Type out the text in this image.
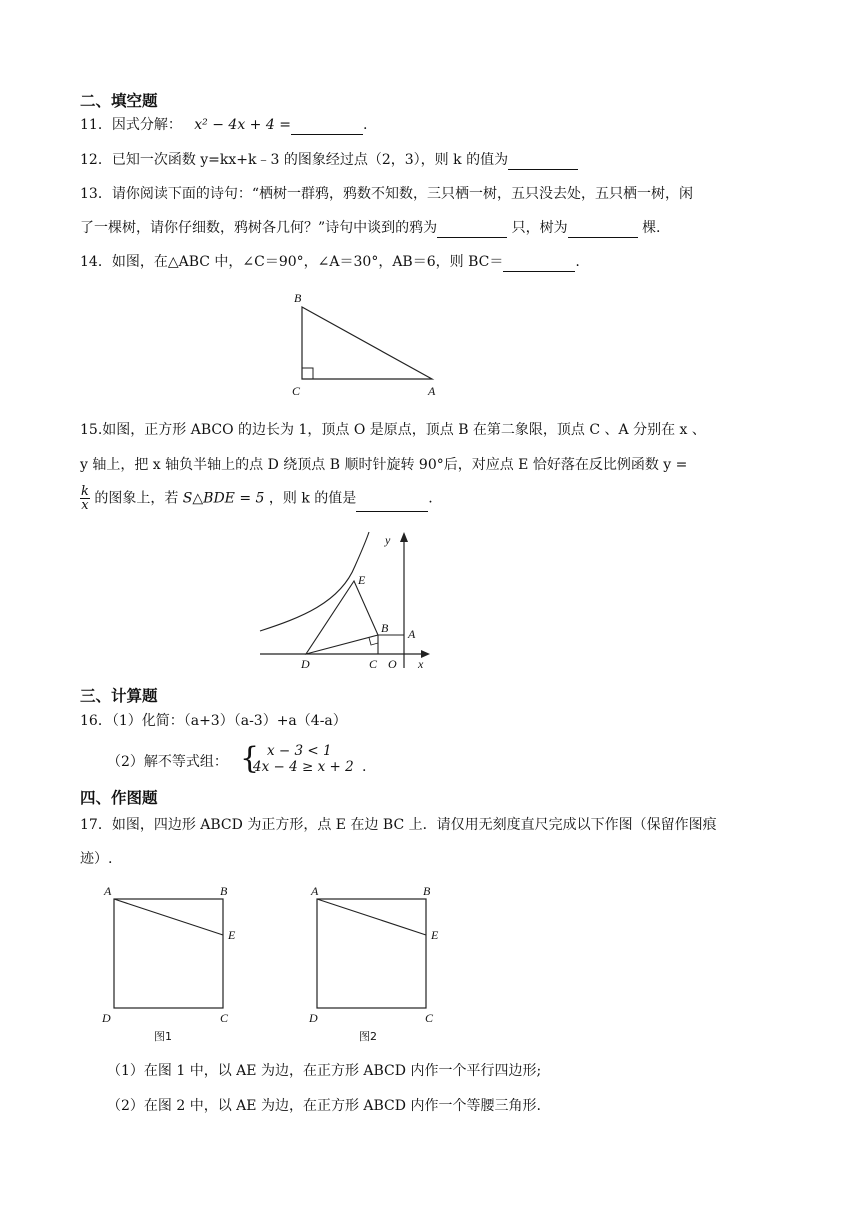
二、填空题
11．因式分解： x² − 4x + 4 =	.
12．已知一次函数 y=kx+k﹣3 的图象经过点（2，3），则 k 的值为
13．请你阅读下面的诗句：“栖树一群鸦，鸦数不知数，三只栖一树，五只没去处，五只栖一树，闲
了一棵树，请你仔细数，鸦树各几何？”诗句中谈到的鸦为	只，树为	棵.
14．如图，在△ABC 中，∠C＝90°，∠A＝30°，AB＝6，则 BC＝	.
B
C	A
15.如图，正方形 ABCO 的边长为 1，顶点 O 是原点，顶点 B 在第二象限，顶点 C 、A 分别在 x 、
y 轴上，把 x 轴负半轴上的点 D 绕顶点 B 顺时针旋转 90°后，对应点 E 恰好落在反比例函数 y =
$\frac{k}{x}$ 的图象上，若 S△BDE = 5 ，则 k 的值是	.
y
E
B A
D	C O x
三、计算题
16．（1）化简：（a+3）（a-3）+a（4-a）
（2）解不等式组： { x − 3 < 1
4x − 4 ≥ x + 2 .
四、作图题
17．如图，四边形 ABCD 为正方形，点 E 在边 BC 上．请仅用无刻度直尺完成以下作图（保留作图痕
迹）.
A	B
E
D	C
图1
A	B
E
D	C
图2
（1）在图 1 中，以 AE 为边，在正方形 ABCD 内作一个平行四边形;
（2）在图 2 中，以 AE 为边，在正方形 ABCD 内作一个等腰三角形.
